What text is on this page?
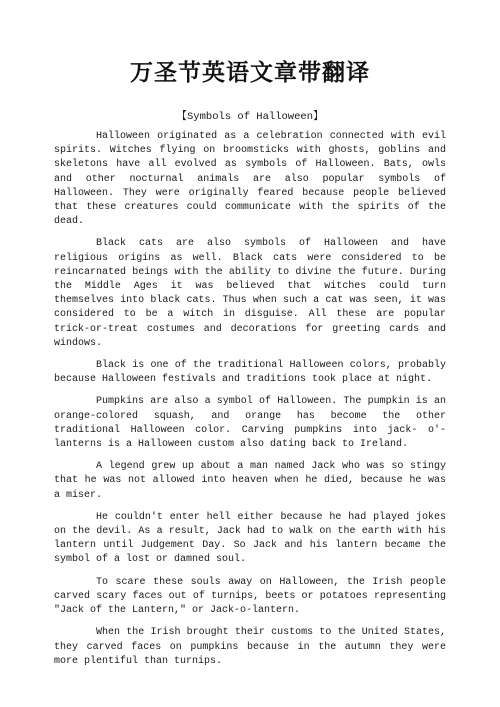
万圣节英语文章带翻译
【Symbols of Halloween】

Halloween originated as a celebration connected with evil spirits. Witches flying on broomsticks with ghosts, goblins and skeletons have all evolved as symbols of Halloween. Bats, owls and other nocturnal animals are also popular symbols of Halloween. They were originally feared because people believed that these creatures could communicate with the spirits of the dead.

Black cats are also symbols of Halloween and have religious origins as well. Black cats were considered to be reincarnated beings with the ability to divine the future. During the Middle Ages it was believed that witches could turn themselves into black cats. Thus when such a cat was seen, it was considered to be a witch in disguise. All these are popular trick-or-treat costumes and decorations for greeting cards and windows.

Black is one of the traditional Halloween colors, probably because Halloween festivals and traditions took place at night.

Pumpkins are also a symbol of Halloween. The pumpkin is an orange-colored squash, and orange has become the other traditional Halloween color. Carving pumpkins into jack- o'-lanterns is a Halloween custom also dating back to Ireland.

A legend grew up about a man named Jack who was so stingy that he was not allowed into heaven when he died, because he was a miser.

He couldn't enter hell either because he had played jokes on the devil. As a result, Jack had to walk on the earth with his lantern until Judgement Day. So Jack and his lantern became the symbol of a lost or damned soul.

To scare these souls away on Halloween, the Irish people carved scary faces out of turnips, beets or potatoes representing "Jack of the Lantern," or Jack-o-lantern.

When the Irish brought their customs to the United States, they carved faces on pumpkins because in the autumn they were more plentiful than turnips.
